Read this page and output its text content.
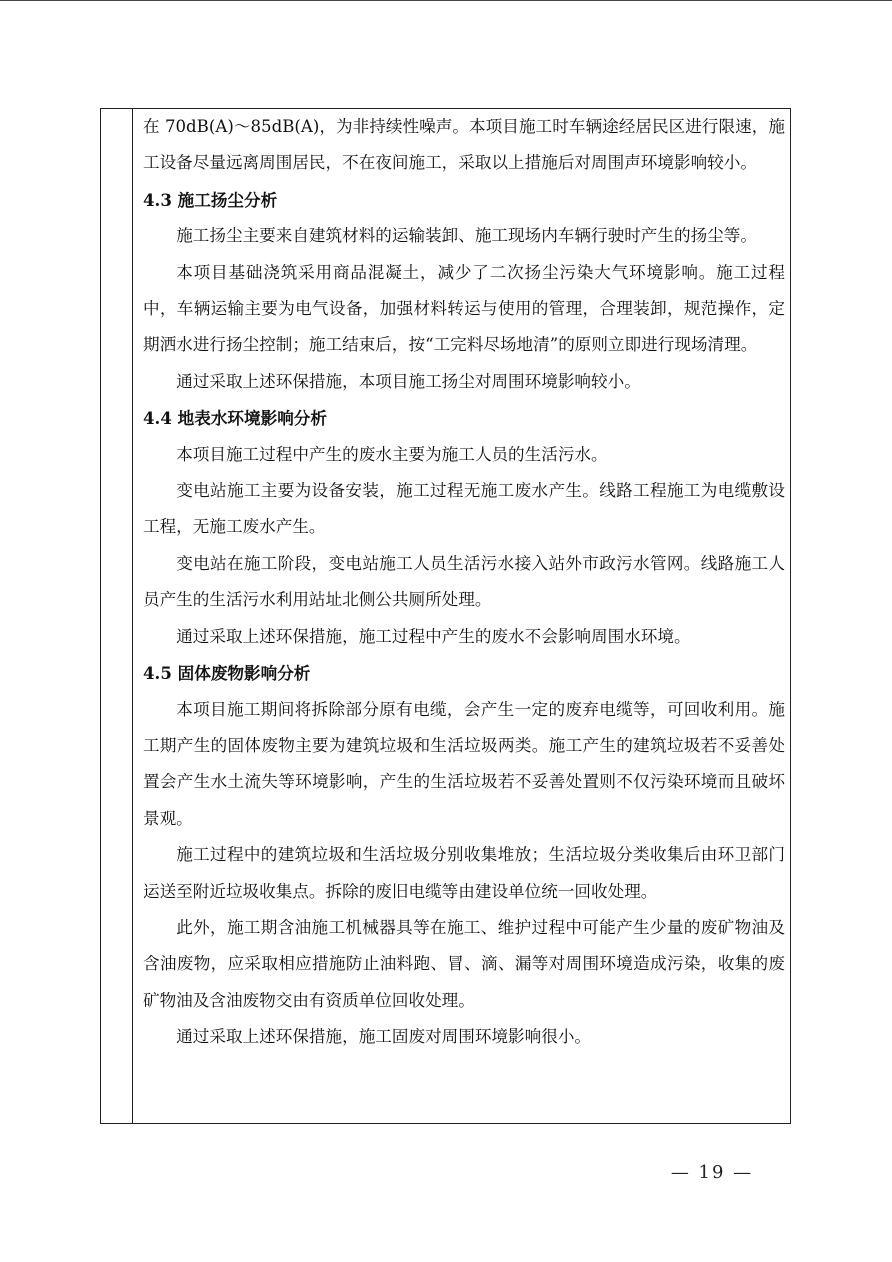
在 70dB(A)～85dB(A)，为非持续性噪声。本项目施工时车辆途经居民区进行限速，施工设备尽量远离周围居民，不在夜间施工，采取以上措施后对周围声环境影响较小。

4.3 施工扬尘分析

施工扬尘主要来自建筑材料的运输装卸、施工现场内车辆行驶时产生的扬尘等。

本项目基础浇筑采用商品混凝土，减少了二次扬尘污染大气环境影响。施工过程中，车辆运输主要为电气设备，加强材料转运与使用的管理，合理装卸，规范操作，定期洒水进行扬尘控制；施工结束后，按“工完料尽场地清”的原则立即进行现场清理。

通过采取上述环保措施，本项目施工扬尘对周围环境影响较小。

4.4 地表水环境影响分析

本项目施工过程中产生的废水主要为施工人员的生活污水。

变电站施工主要为设备安装，施工过程无施工废水产生。线路工程施工为电缆敷设工程，无施工废水产生。

变电站在施工阶段，变电站施工人员生活污水接入站外市政污水管网。线路施工人员产生的生活污水利用站址北侧公共厕所处理。

通过采取上述环保措施，施工过程中产生的废水不会影响周围水环境。

4.5 固体废物影响分析

本项目施工期间将拆除部分原有电缆，会产生一定的废弃电缆等，可回收利用。施工期产生的固体废物主要为建筑垃圾和生活垃圾两类。施工产生的建筑垃圾若不妥善处置会产生水土流失等环境影响，产生的生活垃圾若不妥善处置则不仅污染环境而且破坏景观。

施工过程中的建筑垃圾和生活垃圾分别收集堆放；生活垃圾分类收集后由环卫部门运送至附近垃圾收集点。拆除的废旧电缆等由建设单位统一回收处理。

此外，施工期含油施工机械器具等在施工、维护过程中可能产生少量的废矿物油及含油废物，应采取相应措施防止油料跑、冒、滴、漏等对周围环境造成污染，收集的废矿物油及含油废物交由有资质单位回收处理。

通过采取上述环保措施，施工固废对周围环境影响很小。

— 19 —
